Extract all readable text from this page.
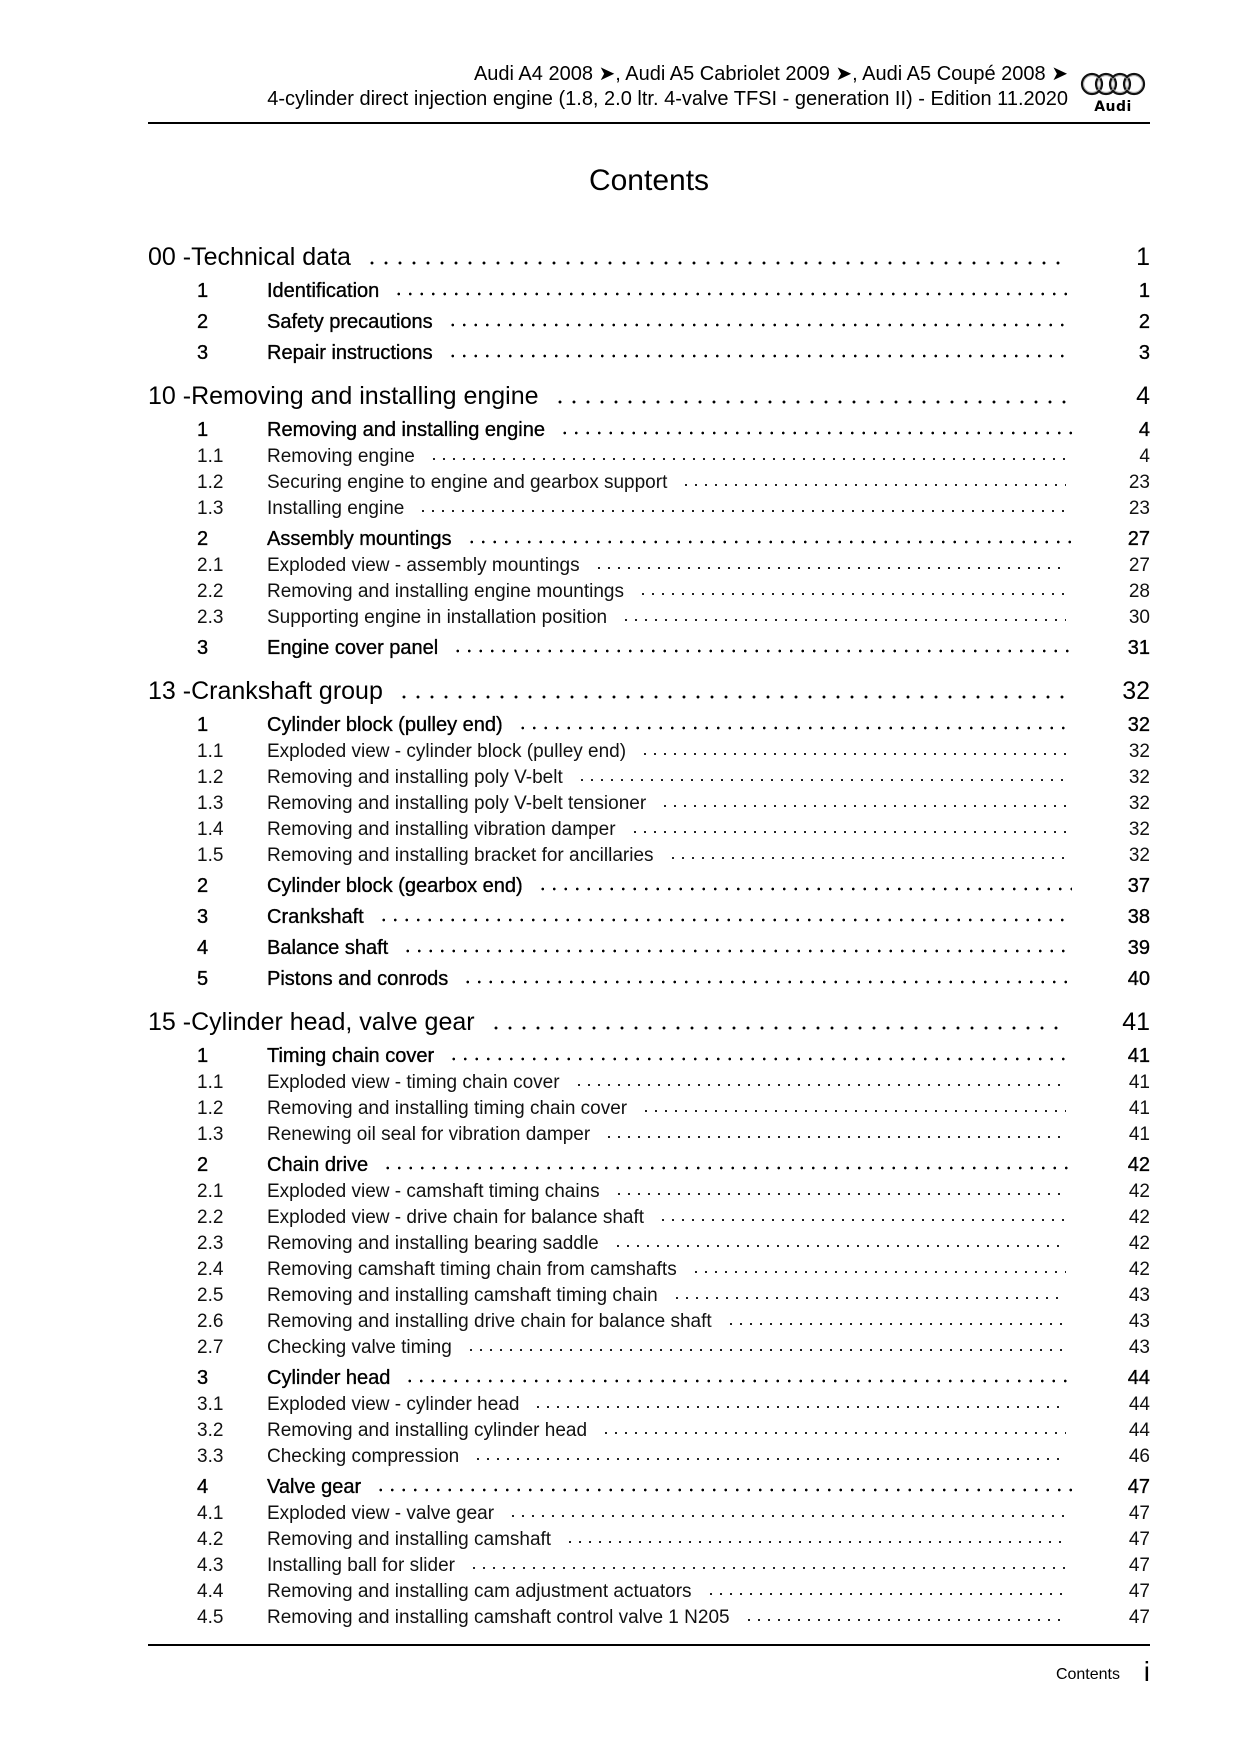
Audi A4 2008 ➤, Audi A5 Cabriolet 2009 ➤, Audi A5 Coupé 2008 ➤
4-cylinder direct injection engine (1.8, 2.0 ltr. 4-valve TFSI - generation II) - Edition 11.2020	Audi
Contents
00 - Technical data	1
1	Identification	1
2	Safety precautions	2
3	Repair instructions	3
10 - Removing and installing engine	4
1	Removing and installing engine	4
1.1	Removing engine	4
1.2	Securing engine to engine and gearbox support	23
1.3	Installing engine	23
2	Assembly mountings	27
2.1	Exploded view - assembly mountings	27
2.2	Removing and installing engine mountings	28
2.3	Supporting engine in installation position	30
3	Engine cover panel	31
13 - Crankshaft group	32
1	Cylinder block (pulley end)	32
1.1	Exploded view - cylinder block (pulley end)	32
1.2	Removing and installing poly V-belt	32
1.3	Removing and installing poly V-belt tensioner	32
1.4	Removing and installing vibration damper	32
1.5	Removing and installing bracket for ancillaries	32
2	Cylinder block (gearbox end)	37
3	Crankshaft	38
4	Balance shaft	39
5	Pistons and conrods	40
15 - Cylinder head, valve gear	41
1	Timing chain cover	41
1.1	Exploded view - timing chain cover	41
1.2	Removing and installing timing chain cover	41
1.3	Renewing oil seal for vibration damper	41
2	Chain drive	42
2.1	Exploded view - camshaft timing chains	42
2.2	Exploded view - drive chain for balance shaft	42
2.3	Removing and installing bearing saddle	42
2.4	Removing camshaft timing chain from camshafts	42
2.5	Removing and installing camshaft timing chain	43
2.6	Removing and installing drive chain for balance shaft	43
2.7	Checking valve timing	43
3	Cylinder head	44
3.1	Exploded view - cylinder head	44
3.2	Removing and installing cylinder head	44
3.3	Checking compression	46
4	Valve gear	47
4.1	Exploded view - valve gear	47
4.2	Removing and installing camshaft	47
4.3	Installing ball for slider	47
4.4	Removing and installing cam adjustment actuators	47
4.5	Removing and installing camshaft control valve 1 N205	47
Contents i
